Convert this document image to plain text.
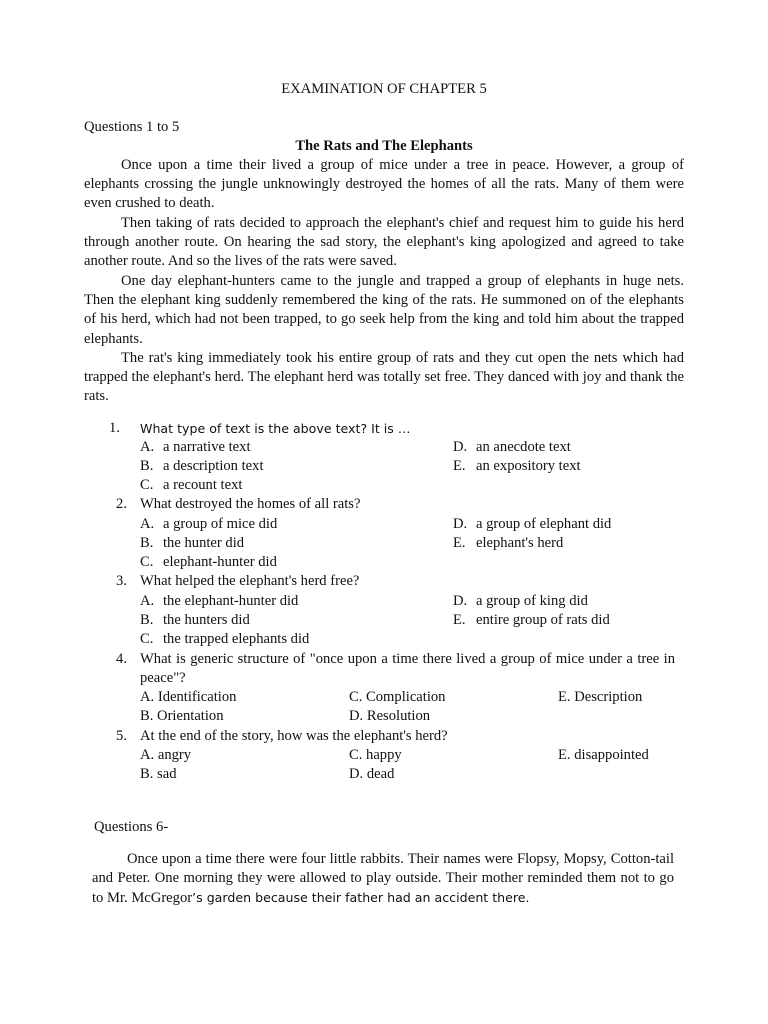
EXAMINATION OF CHAPTER 5
Questions 1 to 5
The Rats and The Elephants

Once upon a time their lived a group of mice under a tree in peace. However, a group of elephants crossing the jungle unknowingly destroyed the homes of all the rats. Many of them were even crushed to death.

Then taking of rats decided to approach the elephant's chief and request him to guide his herd through another route. On hearing the sad story, the elephant's king apologized and agreed to take another route. And so the lives of the rats were saved.

One day elephant-hunters came to the jungle and trapped a group of elephants in huge nets. Then the elephant king suddenly remembered the king of the rats. He summoned on of the elephants of his herd, which had not been trapped, to go seek help from the king and told him about the trapped elephants.

The rat's king immediately took his entire group of rats and they cut open the nets which had trapped the elephant's herd. The elephant herd was totally set free. They danced with joy and thank the rats.

1. What type of text is the above text? It is …
A. a narrative text
B. a description text
C. a recount text
D. an anecdote text
E. an expository text
2. What destroyed the homes of all rats?
A. a group of mice did
B. the hunter did
C. elephant-hunter did
D. a group of elephant did
E. elephant's herd
3. What helped the elephant's herd free?
A. the elephant-hunter did
B. the hunters did
C. the trapped elephants did
D. a group of king did
E. entire group of rats did
4. What is generic structure of "once upon a time there lived a group of mice under a tree in peace"?
A. Identification
B. Orientation
C. Complication
D. Resolution
E. Description
5. At the end of the story, how was the elephant's herd?
A. angry
B. sad
C. happy
D. dead
E. disappointed
Questions 6-

Once upon a time there were four little rabbits. Their names were Flopsy, Mopsy, Cotton-tail and Peter. One morning they were allowed to play outside. Their mother reminded them not to go to Mr. McGregor’s garden because their father had an accident there.
